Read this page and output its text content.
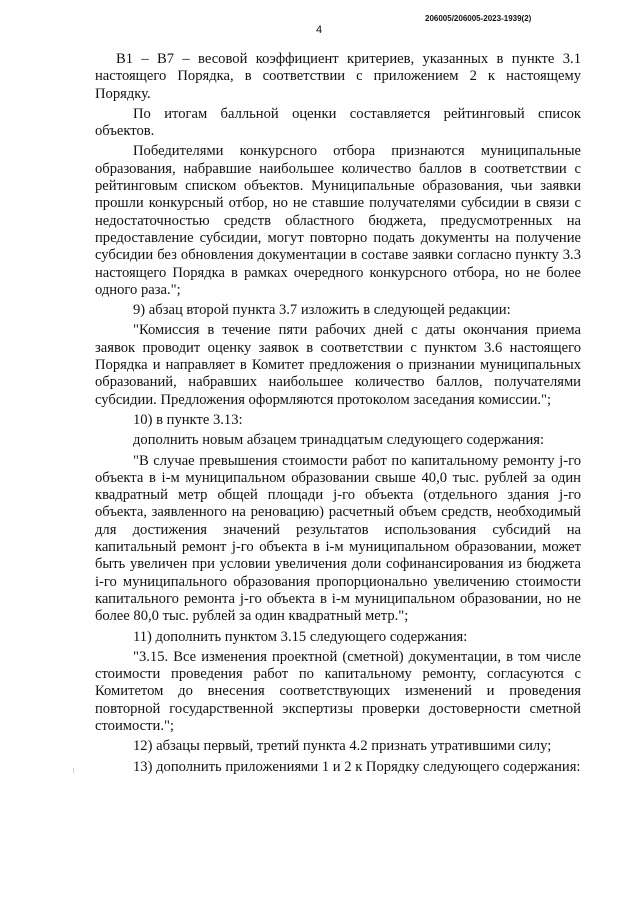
4
206005/206005-2023-1939(2)

В1 – В7 – весовой коэффициент критериев, указанных в пункте 3.1 настоящего Порядка, в соответствии с приложением 2 к настоящему Порядку.

По итогам балльной оценки составляется рейтинговый список объектов.

Победителями конкурсного отбора признаются муниципальные образования, набравшие наибольшее количество баллов в соответствии с рейтинговым списком объектов. Муниципальные образования, чьи заявки прошли конкурсный отбор, но не ставшие получателями субсидии в связи с недостаточностью средств областного бюджета, предусмотренных на предоставление субсидии, могут повторно подать документы на получение субсидии без обновления документации в составе заявки согласно пункту 3.3 настоящего Порядка в рамках очередного конкурсного отбора, но не более одного раза.";

9) абзац второй пункта 3.7 изложить в следующей редакции:

"Комиссия в течение пяти рабочих дней с даты окончания приема заявок проводит оценку заявок в соответствии с пунктом 3.6 настоящего Порядка и направляет в Комитет предложения о признании муниципальных образований, набравших наибольшее количество баллов, получателями субсидии. Предложения оформляются протоколом заседания комиссии.";

10) в пункте 3.13:

дополнить новым абзацем тринадцатым следующего содержания:

"В случае превышения стоимости работ по капитальному ремонту j-го объекта в i-м муниципальном образовании свыше 40,0 тыс. рублей за один квадратный метр общей площади j-го объекта (отдельного здания j-го объекта, заявленного на реновацию) расчетный объем средств, необходимый для достижения значений результатов использования субсидий на капитальный ремонт j-го объекта в i-м муниципальном образовании, может быть увеличен при условии увеличения доли софинансирования из бюджета i-го муниципального образования пропорционально увеличению стоимости капитального ремонта j-го объекта в i-м муниципальном образовании, но не более 80,0 тыс. рублей за один квадратный метр.";

11) дополнить пунктом 3.15 следующего содержания:

"3.15. Все изменения проектной (сметной) документации, в том числе стоимости проведения работ по капитальному ремонту, согласуются с Комитетом до внесения соответствующих изменений и проведения повторной государственной экспертизы проверки достоверности сметной стоимости.";

12) абзацы первый, третий пункта 4.2 признать утратившими силу;

13) дополнить приложениями 1 и 2 к Порядку следующего содержания:
